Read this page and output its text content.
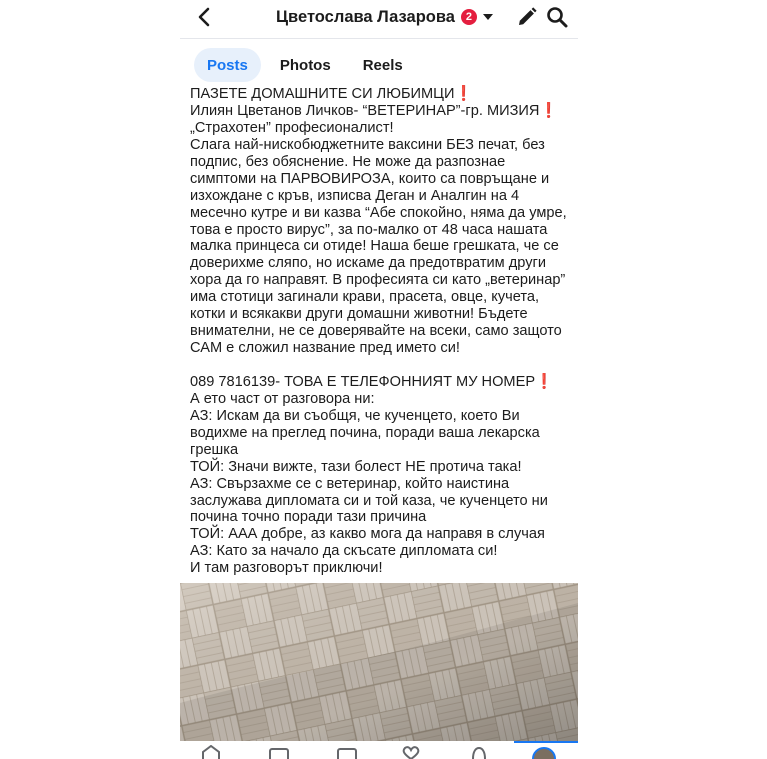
Цветослава Лазарова 2
Posts	Photos	Reels
ПАЗЕТЕ ДОМАШНИТЕ СИ ЛЮБИМЦИ❗
Илиян Цветанов Личков- “ВЕТЕРИНАР”-гр. МИЗИЯ❗
„Страхотен” професионалист!
Слага най-нискобюджетните ваксини БЕЗ печат, без
подпис, без обяснение. Не може да разпознае
симптоми на ПАРВОВИРОЗА, които са повръщане и
изхождане с кръв, изписва Деган и Аналгин на 4
месечно кутре и ви казва “Абе спокойно, няма да умре,
това е просто вирус”, за по-малко от 48 часа нашата
малка принцеса си отиде! Наша беше грешката, че се
доверихме сляпо, но искаме да предотвратим други
хора да го направят. В професията си като „ветеринар”
има стотици загинали крави, прасета, овце, кучета,
котки и всякакви други домашни животни! Бъдете
внимателни, не се доверявайте на всеки, само защото
САМ е сложил название пред името си!
089 7816139- ТОВА Е ТЕЛЕФОННИЯТ МУ НОМЕР❗
А ето част от разговора ни:
АЗ: Искам да ви съобщя, че кученцето, което Ви
водихме на преглед почина, поради ваша лекарска
грешка
ТОЙ: Значи вижте, тази болест НЕ протича така!
АЗ: Свързахме се с ветеринар, който наистина
заслужава дипломата си и той каза, че кученцето ни
почина точно поради тази причина
ТОЙ: ААА добре, аз какво мога да направя в случая
АЗ: Като за начало да скъсате дипломата си!
И там разговорът приключи!
